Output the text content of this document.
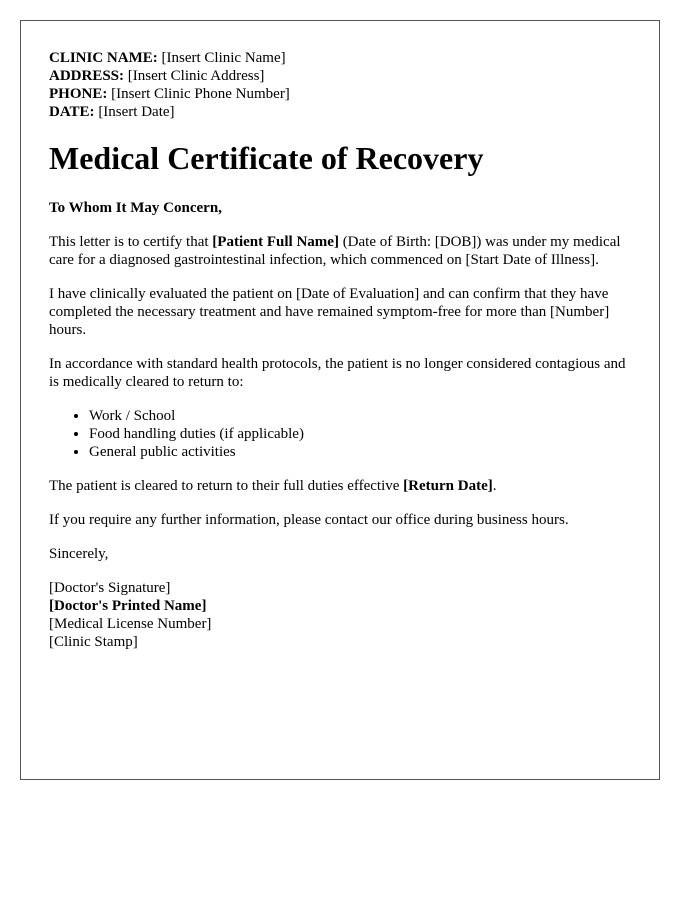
CLINIC NAME: [Insert Clinic Name]
ADDRESS: [Insert Clinic Address]
PHONE: [Insert Clinic Phone Number]
DATE: [Insert Date]
Medical Certificate of Recovery

To Whom It May Concern,

This letter is to certify that [Patient Full Name] (Date of Birth: [DOB]) was under my medical care for a diagnosed gastrointestinal infection, which commenced on [Start Date of Illness].

I have clinically evaluated the patient on [Date of Evaluation] and can confirm that they have completed the necessary treatment and have remained symptom-free for more than [Number] hours.

In accordance with standard health protocols, the patient is no longer considered contagious and is medically cleared to return to:

• Work / School
• Food handling duties (if applicable)
• General public activities

The patient is cleared to return to their full duties effective [Return Date].

If you require any further information, please contact our office during business hours.

Sincerely,

[Doctor's Signature]
[Doctor's Printed Name]
[Medical License Number]
[Clinic Stamp]
